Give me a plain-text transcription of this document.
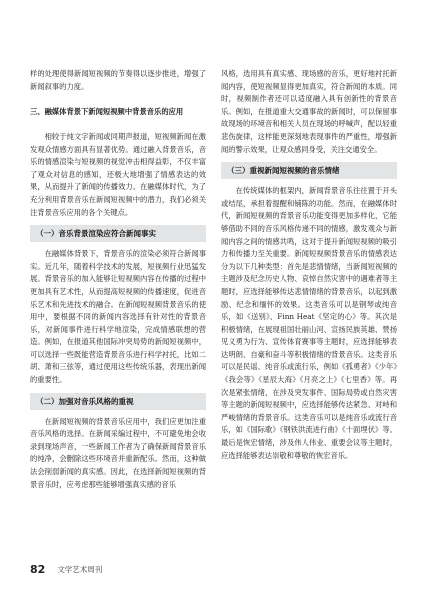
样的处理使得新闻短视频的节奏得以逐步推进，增强了新闻叙事的力度。

三、融媒体背景下新闻短视频中背景音乐的应用

相较于纯文字新闻或同期声报道，短视频新闻在激发观众情感方面具有显著优势。通过融入背景音乐，音乐的情感渲染与短视频的视觉冲击相得益彰，不仅丰富了观众对信息的感知，还极大地增强了情感表达的效果，从而提升了新闻的传播效力。在融媒体时代，为了充分利用背景音乐在新闻短视频中的潜力，我们必须关注背景音乐应用的各个关键点。

（一）音乐背景渲染应符合新闻事实

在融媒体背景下，背景音乐的渲染必须符合新闻事实。近几年，随着科学技术的发展，短视频行业迅猛发展。背景音乐的加入能够让短视频内容在传播的过程中更加具有艺术性，从而提高短视频的传播速度，促进音乐艺术和先进技术的融合。在新闻短视频背景音乐的使用中，要根据不同的新闻内容选择有针对性的背景音乐，对新闻事件进行科学地渲染，完成情感联想的营造。例如，在报道其他国际冲突局势的新闻短视频中，可以选择一些既能营造背景音乐进行科学衬托，比如二胡、萧和三弦等，通过使用这些传统乐器，表现出新闻的重要性。

（二）加强对音乐风格的重视

在新闻短视频的背景音乐应用中，我们应更加注重音乐风格的选择。在新闻采编过程中，不可避免地会收录到现场声音，一些新闻工作者为了确保新闻背景音乐的纯净，会删除这些环境音并重新配乐。然而，这种做法会削弱新闻的真实感。因此，在选择新闻短视频的背景音乐时，应考虑那些能够增强真实感的音乐

风格，选用具有真实感、现场感的音乐，更好地衬托新闻内容，使短视频显得更加真实，符合新闻的本质。同时，视频制作者还可以适度融入具有创新性的背景音乐。例如，在报道重大交通事故的新闻时，可以保留事故现场的环境音和相关人员在现场的呼喊声，配以轻重悲伤旋律，这样能更深刻地表现事件的严重性，增强新闻的警示效果，让观众感同身受，关注交通安全。

（三）重视新闻短视频的音乐情绪

在传统媒体的框架内，新闻背景音乐往往置于开头或结尾，承担着提醒和铺陈的功能。然而，在融媒体时代，新闻短视频的背景音乐功能变得更加多样化，它能够借助不同的音乐风格传递不同的情感，激发观众与新闻内容之间的情感共鸣，这对于提升新闻短视频的吸引力和传播力至关重要。新闻短视频背景音乐的情感表达分为以下几种类型：首先是悲情情绪，当新闻短视频的主题涉及纪念历史人物、哀悼自然灾害中的遇难者等主题时，应选择能够传达悲情情绪的背景音乐，以起到激励、纪念和缅怀的效果。这类音乐可以是钢琴或纯音乐，如《送别》、Finn Heat《坚定的心》等。其次是积极情绪，在展现祖国壮丽山河、宣扬民族英雄、赞扬见义勇为行为、宣传体育赛事等主题时，应选择能够表达明朗、自豪和奋斗等积极情绪的背景音乐。这类音乐可以是民谣、纯音乐或流行乐，例如《孤勇者》《少年》《我会等》《星辰大海》《月亮之上》《七里香》等。再次是紧张情绪，在涉及突发事件、国际局势或自然灾害等主题的新闻短视频中，应选择能够传达紧急、对峙和严峻情绪的背景音乐。这类音乐可以是纯音乐或流行音乐，如《国际歌》《钢铁洪流进行曲》《十面埋伏》等。最后是恢宏情绪，涉及伟人伟业、重要会议等主题时，应选择能够表达崇敬和尊敬的恢宏音乐。

82 文学艺术周刊
